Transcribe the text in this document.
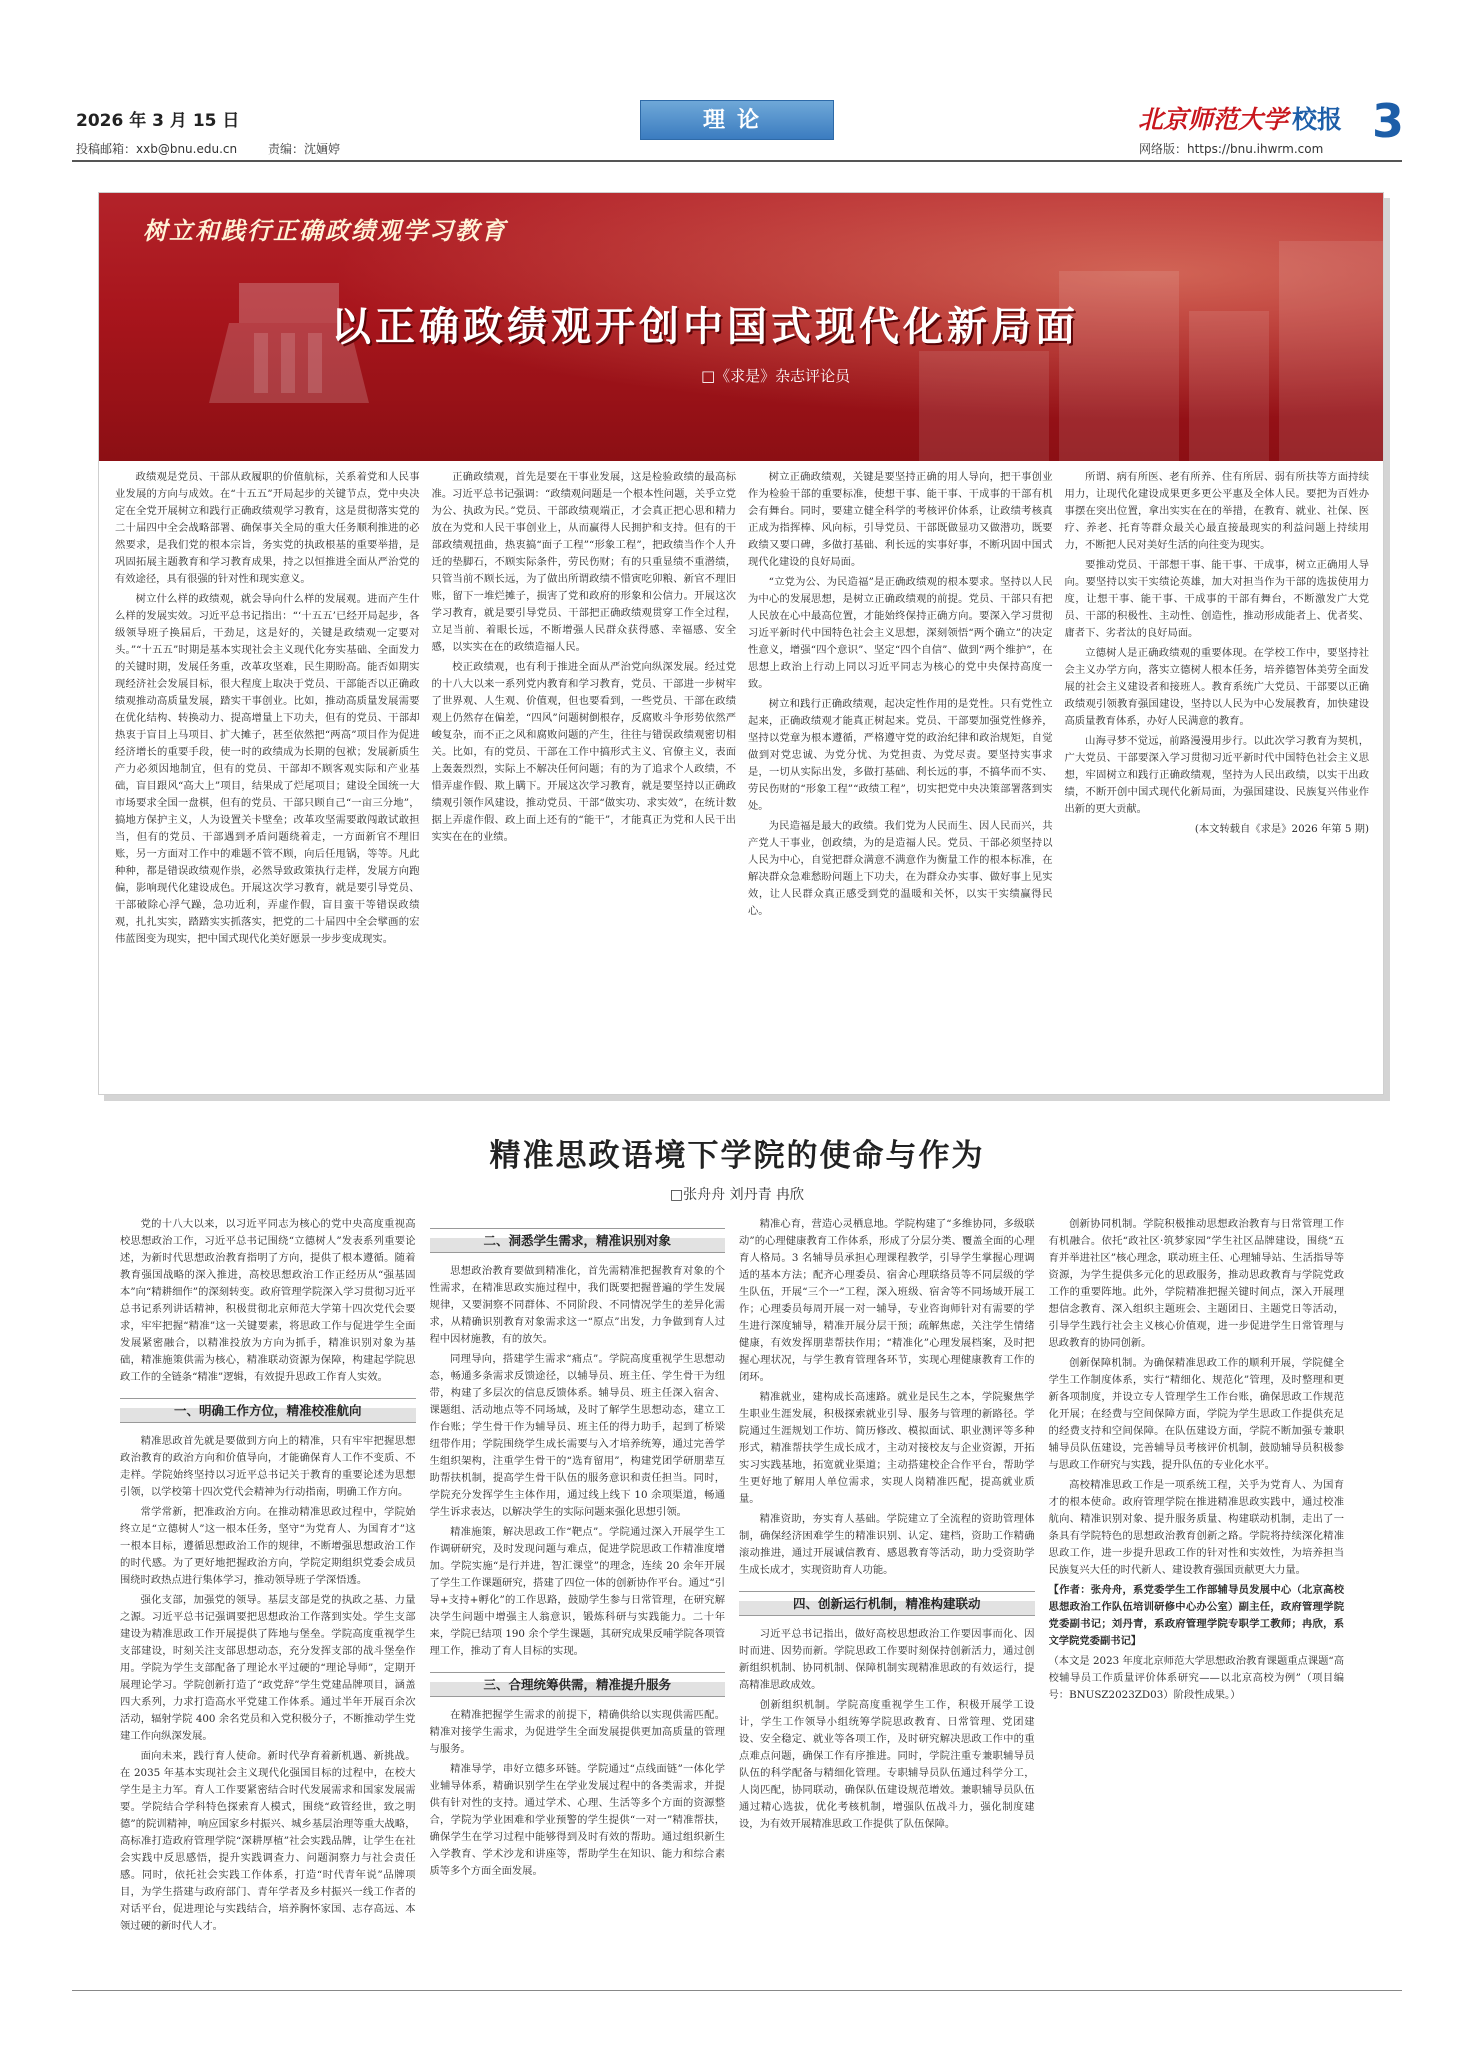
2026 年 3 月 15 日
投稿邮箱：xxb@bnu.edu.cn	责编：沈婳婷
理论	北京师范大学 校报 3
网络版：https://bnu.ihwrm.com
树立和践行正确政绩观学习教育
以正确政绩观开创中国式现代化新局面
□《求是》杂志评论员

政绩观是党员、干部从政履职的价值航标，关系着党和人民事业发展的方向与成效。在“十五五”开局起步的关键节点，党中央决定在全党开展树立和践行正确政绩观学习教育，这是贯彻落实党的二十届四中全会战略部署、确保事关全局的重大任务顺利推进的必然要求，是我们党的根本宗旨，务实党的执政根基的重要举措，是巩固拓展主题教育和学习教育成果，持之以恒推进全面从严治党的有效途径，具有很强的针对性和现实意义。

树立什么样的政绩观，就会导向什么样的发展观。进而产生什么样的发展实效。习近平总书记指出：“‘十五五’已经开局起步，各级领导班子换届后，干劲足，这是好的，关键是政绩观一定要对头。”“十五五”时期是基本实现社会主义现代化夯实基础、全面发力的关键时期，发展任务重，改革攻坚难，民生期盼高。能否如期实现经济社会发展目标，很大程度上取决于党员、干部能否以正确政绩观推动高质量发展，踏实干事创业。比如，推动高质量发展需要在优化结构、转换动力、提高增量上下功夫，但有的党员、干部却热衷于盲目上马项目、扩大摊子，甚至依然把“两高”项目作为促进经济增长的重要手段，使一时的政绩成为长期的包袱；发展新质生产力必须因地制宜，但有的党员、干部却不顾客观实际和产业基础，盲目跟风“高大上”项目，结果成了烂尾项目；建设全国统一大市场要求全国一盘棋，但有的党员、干部只顾自己“一亩三分地”，搞地方保护主义，人为设置关卡壁垒；改革攻坚需要敢闯敢试敢担当，但有的党员、干部遇到矛盾问题绕着走，一方面新官不理旧账，另一方面对工作中的难题不管不顾，向后任甩锅，等等。凡此种种，都是错误政绩观作祟，必然导致政策执行走样，发展方向跑偏，影响现代化建设成色。开展这次学习教育，就是要引导党员、干部破除心浮气躁，急功近利，弄虚作假，盲目蛮干等错误政绩观，扎扎实实，踏踏实实抓落实，把党的二十届四中全会擘画的宏伟蓝图变为现实，把中国式现代化美好愿景一步步变成现实。

正确政绩观，首先是要在干事业发展，这是检验政绩的最高标准。习近平总书记强调：“政绩观问题是一个根本性问题，关乎立党为公、执政为民。”党员、干部政绩观端正，才会真正把心思和精力放在为党和人民干事创业上，从而赢得人民拥护和支持。但有的干部政绩观扭曲，热衷搞“面子工程”“形象工程”，把政绩当作个人升迁的垫脚石，不顾实际条件，劳民伤财；有的只重显绩不重潜绩，只管当前不顾长远，为了做出所谓政绩不惜寅吃卯粮、新官不理旧账，留下一堆烂摊子，损害了党和政府的形象和公信力。开展这次学习教育，就是要引导党员、干部把正确政绩观贯穿工作全过程，立足当前、着眼长远，不断增强人民群众获得感、幸福感、安全感，以实实在在的政绩造福人民。

校正政绩观，也有利于推进全面从严治党向纵深发展。经过党的十八大以来一系列党内教育和学习教育，党员、干部进一步树牢了世界观、人生观、价值观，但也要看到，一些党员、干部在政绩观上仍然存在偏差，“四风”问题树倒根存，反腐败斗争形势依然严峻复杂，而不正之风和腐败问题的产生，往往与错误政绩观密切相关。比如，有的党员、干部在工作中搞形式主义、官僚主义，表面上轰轰烈烈，实际上不解决任何问题；有的为了追求个人政绩，不惜弄虚作假、欺上瞒下。开展这次学习教育，就是要坚持以正确政绩观引领作风建设，推动党员、干部“做实功、求实效”，在统计数据上弄虚作假、政上面上还有的“能干”，才能真正为党和人民干出实实在在的业绩。

树立正确政绩观，关键是要坚持正确的用人导向，把干事创业作为检验干部的重要标准，使想干事、能干事、干成事的干部有机会有舞台。同时，要建立健全科学的考核评价体系，让政绩考核真正成为指挥棒、风向标，引导党员、干部既做显功又做潜功，既要政绩又要口碑，多做打基础、利长远的实事好事，不断巩固中国式现代化建设的良好局面。

“立党为公、为民造福”是正确政绩观的根本要求。坚持以人民为中心的发展思想，是树立正确政绩观的前提。党员、干部只有把人民放在心中最高位置，才能始终保持正确方向。要深入学习贯彻习近平新时代中国特色社会主义思想，深刻领悟“两个确立”的决定性意义，增强“四个意识”、坚定“四个自信”、做到“两个维护”，在思想上政治上行动上同以习近平同志为核心的党中央保持高度一致。

树立和践行正确政绩观，起决定性作用的是党性。只有党性立起来，正确政绩观才能真正树起来。党员、干部要加强党性修养，坚持以党章为根本遵循，严格遵守党的政治纪律和政治规矩，自觉做到对党忠诚、为党分忧、为党担责、为党尽责。要坚持实事求是，一切从实际出发，多做打基础、利长远的事，不搞华而不实、劳民伤财的“形象工程”“政绩工程”，切实把党中央决策部署落到实处。

为民造福是最大的政绩。我们党为人民而生、因人民而兴，共产党人干事业，创政绩，为的是造福人民。党员、干部必须坚持以人民为中心，自觉把群众满意不满意作为衡量工作的根本标准，在解决群众急难愁盼问题上下功夫，在为群众办实事、做好事上见实效，让人民群众真正感受到党的温暖和关怀，以实干实绩赢得民心。

所谓、病有所医、老有所养、住有所居、弱有所扶等方面持续用力，让现代化建设成果更多更公平惠及全体人民。要把为百姓办事摆在突出位置，拿出实实在在的举措，在教育、就业、社保、医疗、养老、托育等群众最关心最直接最现实的利益问题上持续用力，不断把人民对美好生活的向往变为现实。

要推动党员、干部想干事、能干事、干成事，树立正确用人导向。要坚持以实干实绩论英雄，加大对担当作为干部的选拔使用力度，让想干事、能干事、干成事的干部有舞台，不断激发广大党员、干部的积极性、主动性、创造性，推动形成能者上、优者奖、庸者下、劣者汰的良好局面。

立德树人是正确政绩观的重要体现。在学校工作中，要坚持社会主义办学方向，落实立德树人根本任务，培养德智体美劳全面发展的社会主义建设者和接班人。教育系统广大党员、干部要以正确政绩观引领教育强国建设，坚持以人民为中心发展教育，加快建设高质量教育体系，办好人民满意的教育。

山海寻梦不觉远，前路漫漫用步行。以此次学习教育为契机，广大党员、干部要深入学习贯彻习近平新时代中国特色社会主义思想，牢固树立和践行正确政绩观，坚持为人民出政绩，以实干出政绩，不断开创中国式现代化新局面，为强国建设、民族复兴伟业作出新的更大贡献。

(本文转载自《求是》2026 年第 5 期)

精准思政语境下学院的使命与作为
□张舟舟 刘丹青 冉欣

党的十八大以来，以习近平同志为核心的党中央高度重视高校思想政治工作，习近平总书记围绕“立德树人”发表系列重要论述，为新时代思想政治教育指明了方向，提供了根本遵循。随着教育强国战略的深入推进，高校思想政治工作正经历从“强基固本”向“精耕细作”的深刻转变。政府管理学院深入学习贯彻习近平总书记系列讲话精神，积极贯彻北京师范大学第十四次党代会要求，牢牢把握“精准”这一关键要素，将思政工作与促进学生全面发展紧密融合，以精准投放为方向为抓手，精准识别对象为基础，精准施策供需为核心，精准联动资源为保障，构建起学院思政工作的全链条“精准”逻辑，有效提升思政工作育人实效。

一、明确工作方位，精准校准航向

精准思政首先就是要做到方向上的精准，只有牢牢把握思想政治教育的政治方向和价值导向，才能确保育人工作不变质、不走样。学院始终坚持以习近平总书记关于教育的重要论述为思想引领，以学校第十四次党代会精神为行动指南，明确工作方向。

常学常新，把准政治方向。在推动精准思政过程中，学院始终立足“立德树人”这一根本任务，坚守“为党育人、为国育才”这一根本目标，遵循思想政治工作的规律，不断增强思想政治工作的时代感。为了更好地把握政治方向，学院定期组织党委会成员围绕时政热点进行集体学习，推动领导班子学深悟透。

强化支部，加强党的领导。基层支部是党的执政之基、力量之源。习近平总书记强调要把思想政治工作落到实处。学生支部建设为精准思政工作开展提供了阵地与堡垒。学院高度重视学生支部建设，时刻关注支部思想动态，充分发挥支部的战斗堡垒作用。学院为学生支部配备了理论水平过硬的“理论导师”，定期开展理论学习。学院创新打造了“政党辞”学生党建品牌项目，涵盖四大系列，力求打造高水平党建工作体系。通过半年开展百余次活动，辐射学院 400 余名党员和入党积极分子，不断推动学生党建工作向纵深发展。

面向未来，践行育人使命。新时代孕育着新机遇、新挑战。在 2035 年基本实现社会主义现代化强国目标的过程中，在校大学生是主力军。育人工作要紧密结合时代发展需求和国家发展需要。学院结合学科特色探索育人模式，围绕“政管经世，致之明德”的院训精神，响应国家乡村振兴、城乡基层治理等重大战略，高标准打造政府管理学院“深耕厚植”社会实践品牌，让学生在社会实践中反思感悟，提升实践调查力、问题洞察力与社会责任感。同时，依托社会实践工作体系，打造“时代青年说”品牌项目，为学生搭建与政府部门、青年学者及乡村振兴一线工作者的对话平台，促进理论与实践结合，培养胸怀家国、志存高远、本领过硬的新时代人才。

二、洞悉学生需求，精准识别对象

思想政治教育要做到精准化，首先需精准把握教育对象的个性需求，在精准思政实施过程中，我们既要把握普遍的学生发展规律，又要洞察不同群体、不同阶段、不同情况学生的差异化需求，从精确识别教育对象需求这一“原点”出发，力争做到育人过程中因材施教，有的放矢。

同理导向，搭建学生需求“痛点”。学院高度重视学生思想动态，畅通多条需求反馈途径，以辅导员、班主任、学生骨干为纽带，构建了多层次的信息反馈体系。辅导员、班主任深入宿舍、课题组、活动地点等不同场域，及时了解学生思想动态，建立工作台账；学生骨干作为辅导员、班主任的得力助手，起到了桥梁纽带作用；学院围绕学生成长需要与入才培养统筹，通过完善学生组织架构，注重学生骨干的“选育留用”，构建党团学研朋辈互助帮扶机制，提高学生骨干队伍的服务意识和责任担当。同时，学院充分发挥学生主体作用，通过线上线下 10 余项渠道，畅通学生诉求表达，以解决学生的实际问题来强化思想引领。

精准施策，解决思政工作“靶点”。学院通过深入开展学生工作调研研究，及时发现问题与难点，促进学院思政工作精准度增加。学院实施“是行并进，智汇课堂”的理念，连续 20 余年开展了学生工作课题研究，搭建了四位一体的创新协作平台。通过“引导+支持+孵化”的工作思路，鼓励学生参与日常管理，在研究解决学生问题中增强主人翁意识，锻炼科研与实践能力。二十年来，学院已结项 190 余个学生课题，其研究成果反哺学院各项管理工作，推动了育人目标的实现。

三、合理统筹供需，精准提升服务

在精准把握学生需求的前提下，精确供给以实现供需匹配。精准对接学生需求，为促进学生全面发展提供更加高质量的管理与服务。

精准导学，串好立德多环链。学院通过“点线面链”一体化学业辅导体系，精确识别学生在学业发展过程中的各类需求，并提供有针对性的支持。通过学术、心理、生活等多个方面的资源整合，学院为学业困难和学业预警的学生提供“一对一”精准帮扶，确保学生在学习过程中能够得到及时有效的帮助。通过组织新生入学教育、学术沙龙和讲座等，帮助学生在知识、能力和综合素质等多个方面全面发展。

精准心育，营造心灵栖息地。学院构建了“多维协同，多级联动”的心理健康教育工作体系，形成了分层分类、覆盖全面的心理育人格局。3 名辅导员承担心理课程教学，引导学生掌握心理调适的基本方法；配齐心理委员、宿舍心理联络员等不同层级的学生队伍，开展“三个一”工程，深入班级、宿舍等不同场域开展工作；心理委员每周开展一对一辅导，专业咨询师针对有需要的学生进行深度辅导，精准开展分层干预；疏解焦虑，关注学生情绪健康，有效发挥朋辈帮扶作用；“精准化”心理发展档案，及时把握心理状况，与学生教育管理各环节，实现心理健康教育工作的闭环。

精准就业，建构成长高速路。就业是民生之本，学院聚焦学生职业生涯发展，积极探索就业引导、服务与管理的新路径。学院通过生涯规划工作坊、简历修改、模拟面试、职业测评等多种形式，精准帮扶学生成长成才，主动对接校友与企业资源，开拓实习实践基地，拓宽就业渠道；主动搭建校企合作平台，帮助学生更好地了解用人单位需求，实现人岗精准匹配，提高就业质量。

精准资助，夯实育人基础。学院建立了全流程的资助管理体制，确保经济困难学生的精准识别、认定、建档，资助工作精确滚动推进，通过开展诚信教育、感恩教育等活动，助力受资助学生成长成才，实现资助育人功能。

四、创新运行机制，精准构建联动

习近平总书记指出，做好高校思想政治工作要因事而化、因时而进、因势而新。学院思政工作要时刻保持创新活力，通过创新组织机制、协同机制、保障机制实现精准思政的有效运行，提高精准思政成效。

创新组织机制。学院高度重视学生工作，积极开展学工设计，学生工作领导小组统筹学院思政教育、日常管理、党团建设、安全稳定、就业等各项工作，及时研究解决思政工作中的重点难点问题，确保工作有序推进。同时，学院注重专兼职辅导员队伍的科学配备与精细化管理。专职辅导员队伍通过科学分工，人岗匹配，协同联动，确保队伍建设规范增效。兼职辅导员队伍通过精心选拔，优化考核机制，增强队伍战斗力，强化制度建设，为有效开展精准思政工作提供了队伍保障。

创新协同机制。学院积极推动思想政治教育与日常管理工作有机融合。依托“政社区·筑梦家园”学生社区品牌建设，围绕“五育并举进社区”核心理念，联动班主任、心理辅导站、生活指导等资源，为学生提供多元化的思政服务，推动思政教育与学院党政工作的重要阵地。此外，学院精准把握关键时间点，深入开展理想信念教育、深入组织主题班会、主题团日、主题党日等活动，引导学生践行社会主义核心价值观，进一步促进学生日常管理与思政教育的协同创新。

创新保障机制。为确保精准思政工作的顺利开展，学院健全学生工作制度体系，实行“精细化、规范化”管理，及时整理和更新各项制度，并设立专人管理学生工作台账，确保思政工作规范化开展；在经费与空间保障方面，学院为学生思政工作提供充足的经费支持和空间保障。在队伍建设方面，学院不断加强专兼职辅导员队伍建设，完善辅导员考核评价机制，鼓励辅导员积极参与思政工作研究与实践，提升队伍的专业化水平。

高校精准思政工作是一项系统工程，关乎为党育人、为国育才的根本使命。政府管理学院在推进精准思政实践中，通过校准航向、精准识别对象、提升服务质量、构建联动机制，走出了一条具有学院特色的思想政治教育创新之路。学院将持续深化精准思政工作，进一步提升思政工作的针对性和实效性，为培养担当民族复兴大任的时代新人、建设教育强国贡献更大力量。

【作者：张舟舟，系党委学生工作部辅导员发展中心（北京高校思想政治工作队伍培训研修中心办公室）副主任，政府管理学院党委副书记；刘丹青，系政府管理学院专职学工教师；冉欣，系文学院党委副书记】
（本文是 2023 年度北京师范大学思想政治教育课题重点课题“高校辅导员工作质量评价体系研究——以北京高校为例”（项目编号：BNUSZ2023ZD03）阶段性成果。）
